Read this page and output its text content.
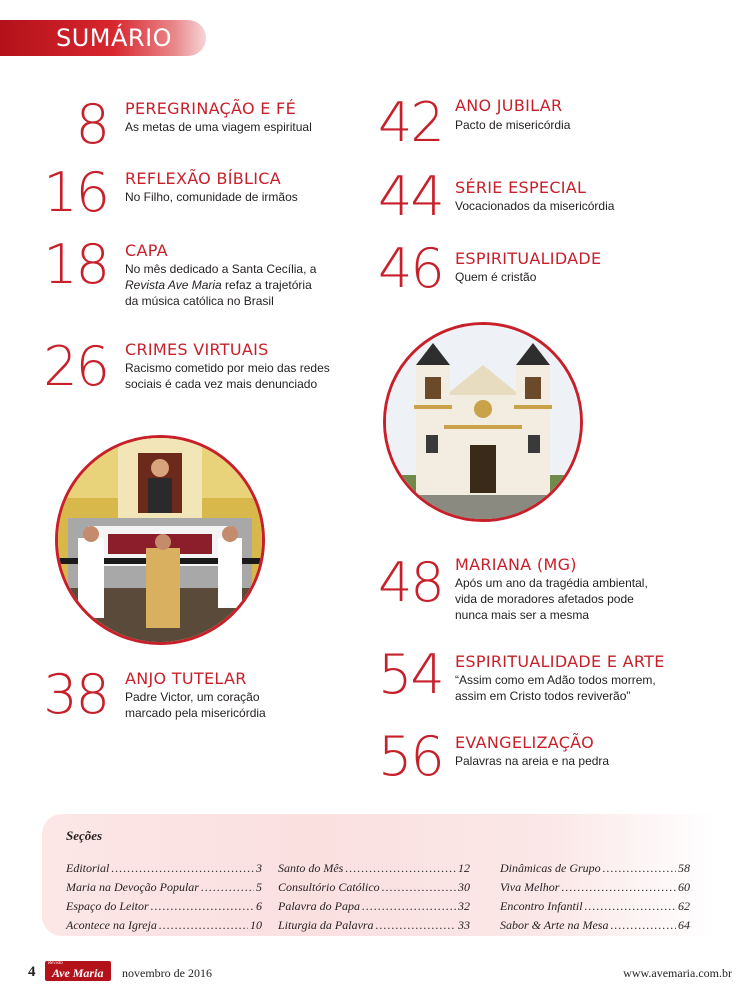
SUMÁRIO
8 PEREGRINAÇÃO E FÉ
As metas de uma viagem espiritual
16 REFLEXÃO BÍBLICA
No Filho, comunidade de irmãos
18 CAPA
No mês dedicado a Santa Cecília, a
Revista Ave Maria refaz a trajetória
da música católica no Brasil
26 CRIMES VIRTUAIS
Racismo cometido por meio das redes
sociais é cada vez mais denunciado
38 ANJO TUTELAR
Padre Victor, um coração
marcado pela misericórdia
42 ANO JUBILAR
Pacto de misericórdia
44 SÉRIE ESPECIAL
Vocacionados da misericórdia
46 ESPIRITUALIDADE
Quem é cristão
48 MARIANA (MG)
Após um ano da tragédia ambiental,
vida de moradores afetados pode
nunca mais ser a mesma
54 ESPIRITUALIDADE E ARTE
“Assim como em Adão todos morrem,
assim em Cristo todos reviverão”
56 EVANGELIZAÇÃO
Palavras na areia e na pedra
Seções
Editorial .....	3
Maria na Devoção Popular .....	5
Espaço do Leitor .....	6
Acontece na Igreja .....	10
Santo do Mês .....	12
Consultório Católico .....	30
Palavra do Papa .....	32
Liturgia da Palavra .....	33
Dinâmicas de Grupo .....	58
Viva Melhor .....	60
Encontro Infantil .....	62
Sabor & Arte na Mesa .....	64
4
Revista
Ave Maria novembro de 2016	www.avemaria.com.br
